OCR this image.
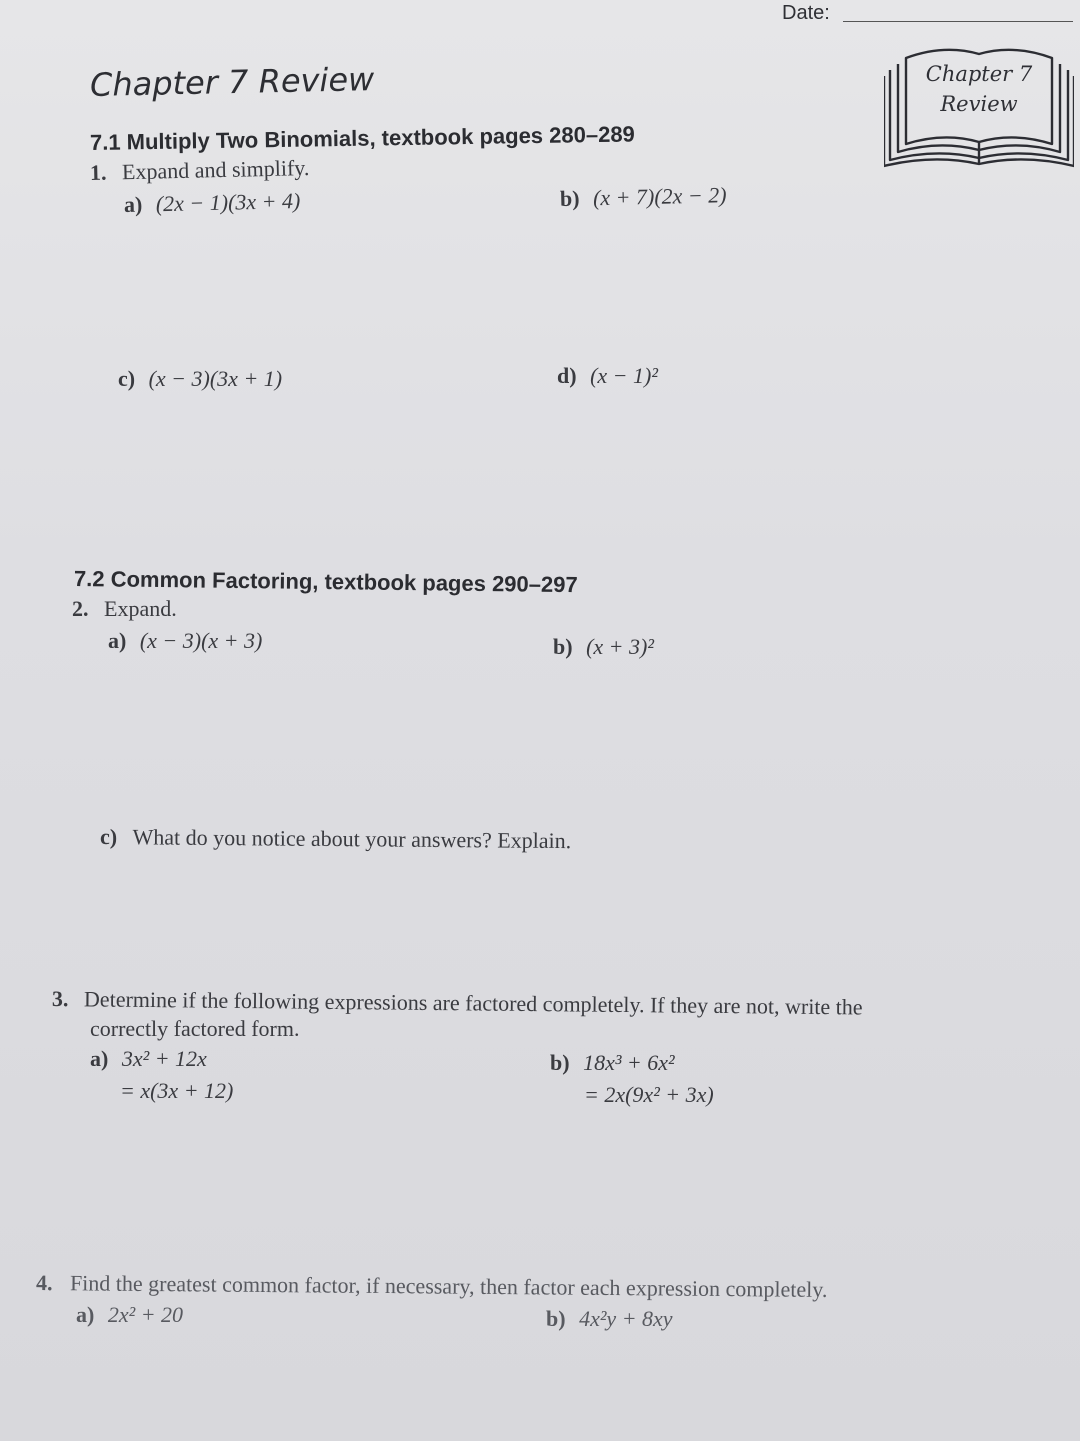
Date:
Chapter 7
Review
Chapter 7 Review
7.1 Multiply Two Binomials, textbook pages 280–289
1. Expand and simplify.
a) (2x − 1)(3x + 4)	b) (x + 7)(2x − 2)
c) (x − 3)(3x + 1)	d) (x − 1)²
7.2 Common Factoring, textbook pages 290–297
2. Expand.
a) (x − 3)(x + 3)	b) (x + 3)²
c) What do you notice about your answers? Explain.
3. Determine if the following expressions are factored completely. If they are not, write the
correctly factored form.
a) 3x² + 12x
= x(3x + 12)
b) 18x³ + 6x²
= 2x(9x² + 3x)
4. Find the greatest common factor, if necessary, then factor each expression completely.
a) 2x² + 20	b) 4x²y + 8xy
